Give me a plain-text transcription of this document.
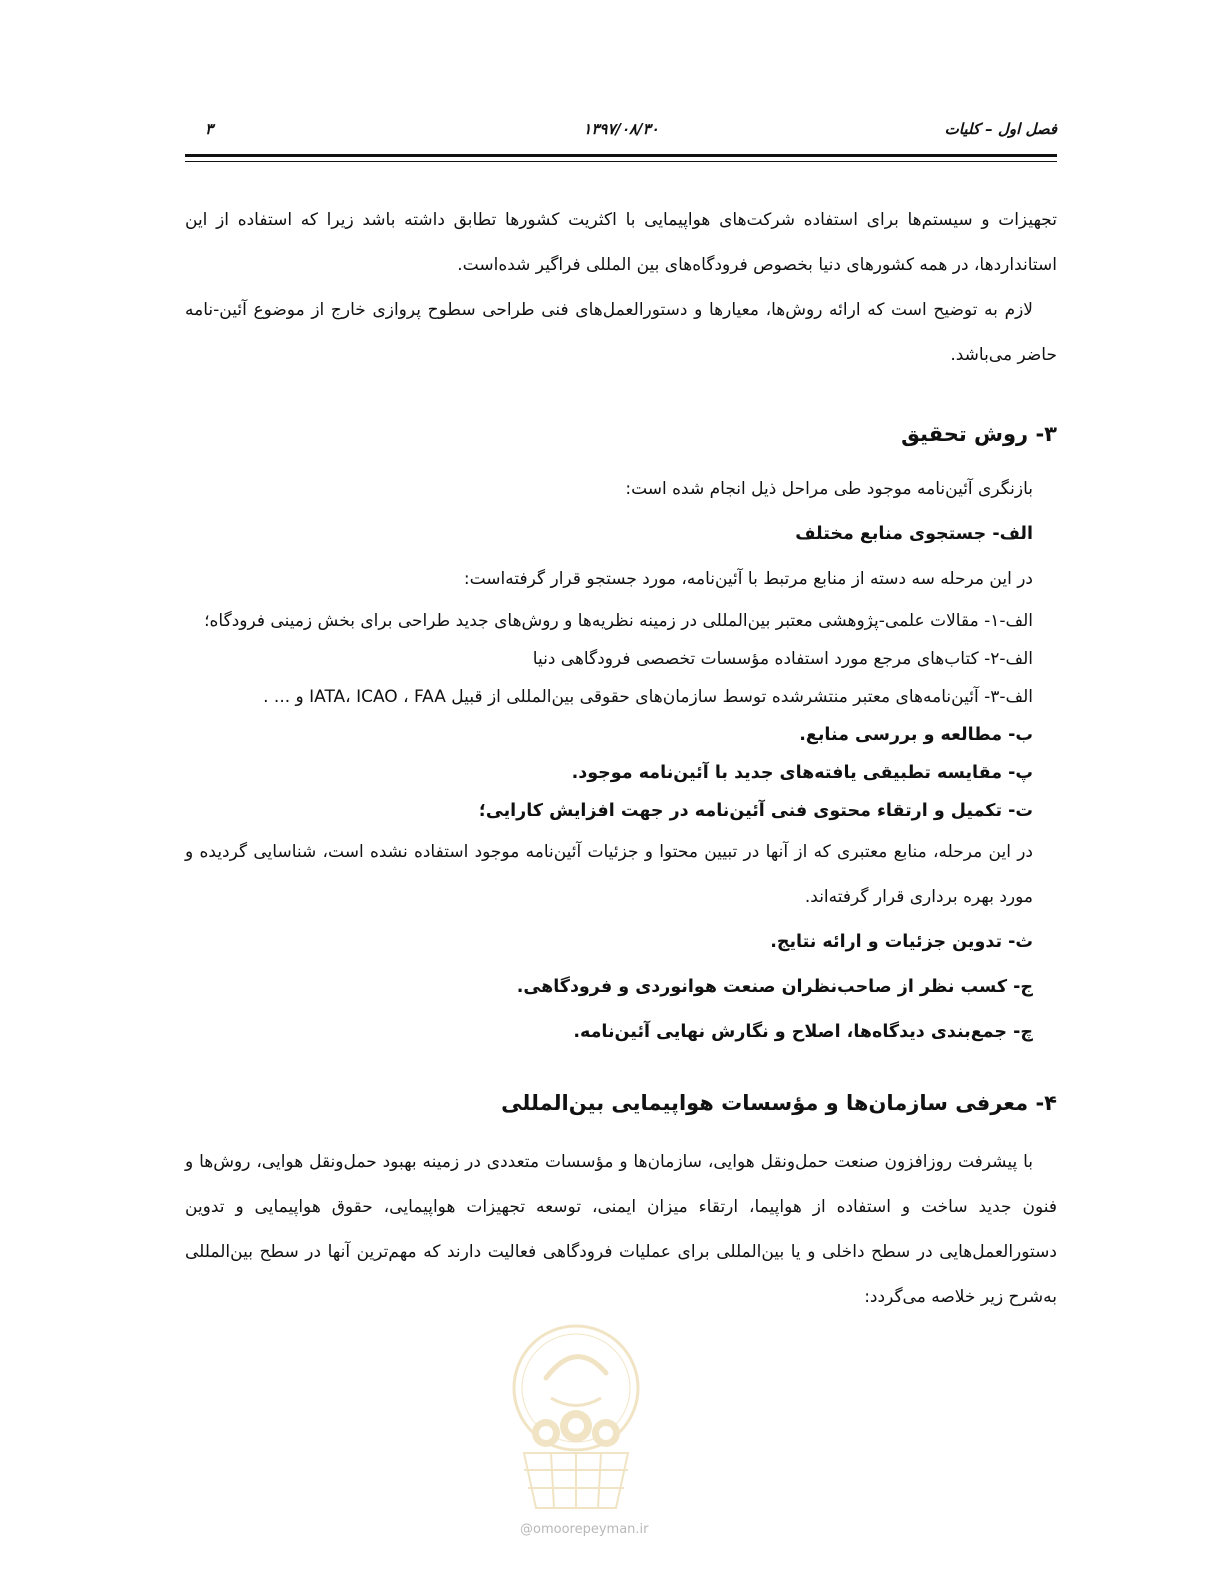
فصل اول – کلیات
۱۳۹۷/۰۸/۳۰
۳

تجهیزات و سیستم‌ها برای استفاده شرکت‌های هواپیمایی با اکثریت کشورها تطابق داشته باشد زیرا که استفاده از این استانداردها، در همه کشورهای دنیا بخصوص فرودگاه‌های بین المللی فراگیر شده‌است.

لازم به توضیح است که ارائه روش‌ها، معیارها و دستورالعمل‌های فنی طراحی سطوح پروازی خارج از موضوع آئین-نامه حاضر می‌باشد.

۳- روش تحقیق

بازنگری آئین‌نامه موجود طی مراحل ذیل انجام شده است:

الف- جستجوی منابع مختلف

در این مرحله سه دسته از منابع مرتبط با آئین‌نامه، مورد جستجو قرار گرفته‌است:

الف-۱- مقالات علمی-پژوهشی معتبر بین‌المللی در زمینه نظریه‌ها و روش‌های جدید طراحی برای بخش زمینی فرودگاه؛

الف-۲- کتاب‌های مرجع مورد استفاده مؤسسات تخصصی فرودگاهی دنیا

الف-۳- آئین‌نامه‌های معتبر منتشرشده توسط سازمان‌های حقوقی بین‌المللی از قبیل IATA، ICAO ، FAA و ... .

ب- مطالعه و بررسی منابع.

پ- مقایسه تطبیقی یافته‌های جدید با آئین‌نامه موجود.

ت- تکمیل و ارتقاء محتوی فنی آئین‌نامه در جهت افزایش کارایی؛

در این مرحله، منابع معتبری که از آنها در تبیین محتوا و جزئیات آئین‌نامه موجود استفاده نشده است، شناسایی گردیده و مورد بهره برداری قرار گرفته‌اند.

ث- تدوین جزئیات و ارائه نتایج.

ج- کسب نظر از صاحب‌نظران صنعت هوانوردی و فرودگاهی.

چ- جمع‌بندی دیدگاه‌ها، اصلاح و نگارش نهایی آئین‌نامه.

۴- معرفی سازمان‌ها و مؤسسات هواپیمایی بین‌المللی

با پیشرفت روزافزون صنعت حمل‌ونقل هوایی، سازمان‌ها و مؤسسات متعددی در زمینه بهبود حمل‌ونقل هوایی، روش‌ها و فنون جدید ساخت و استفاده از هواپیما، ارتقاء میزان ایمنی، توسعه تجهیزات هواپیمایی، حقوق هواپیمایی و تدوین دستورالعمل‌هایی در سطح داخلی و یا بین‌المللی برای عملیات فرودگاهی فعالیت دارند که مهم‌ترین آنها در سطح بین‌المللی به‌شرح زیر خلاصه می‌گردد:

@omoorepeyman.ir
